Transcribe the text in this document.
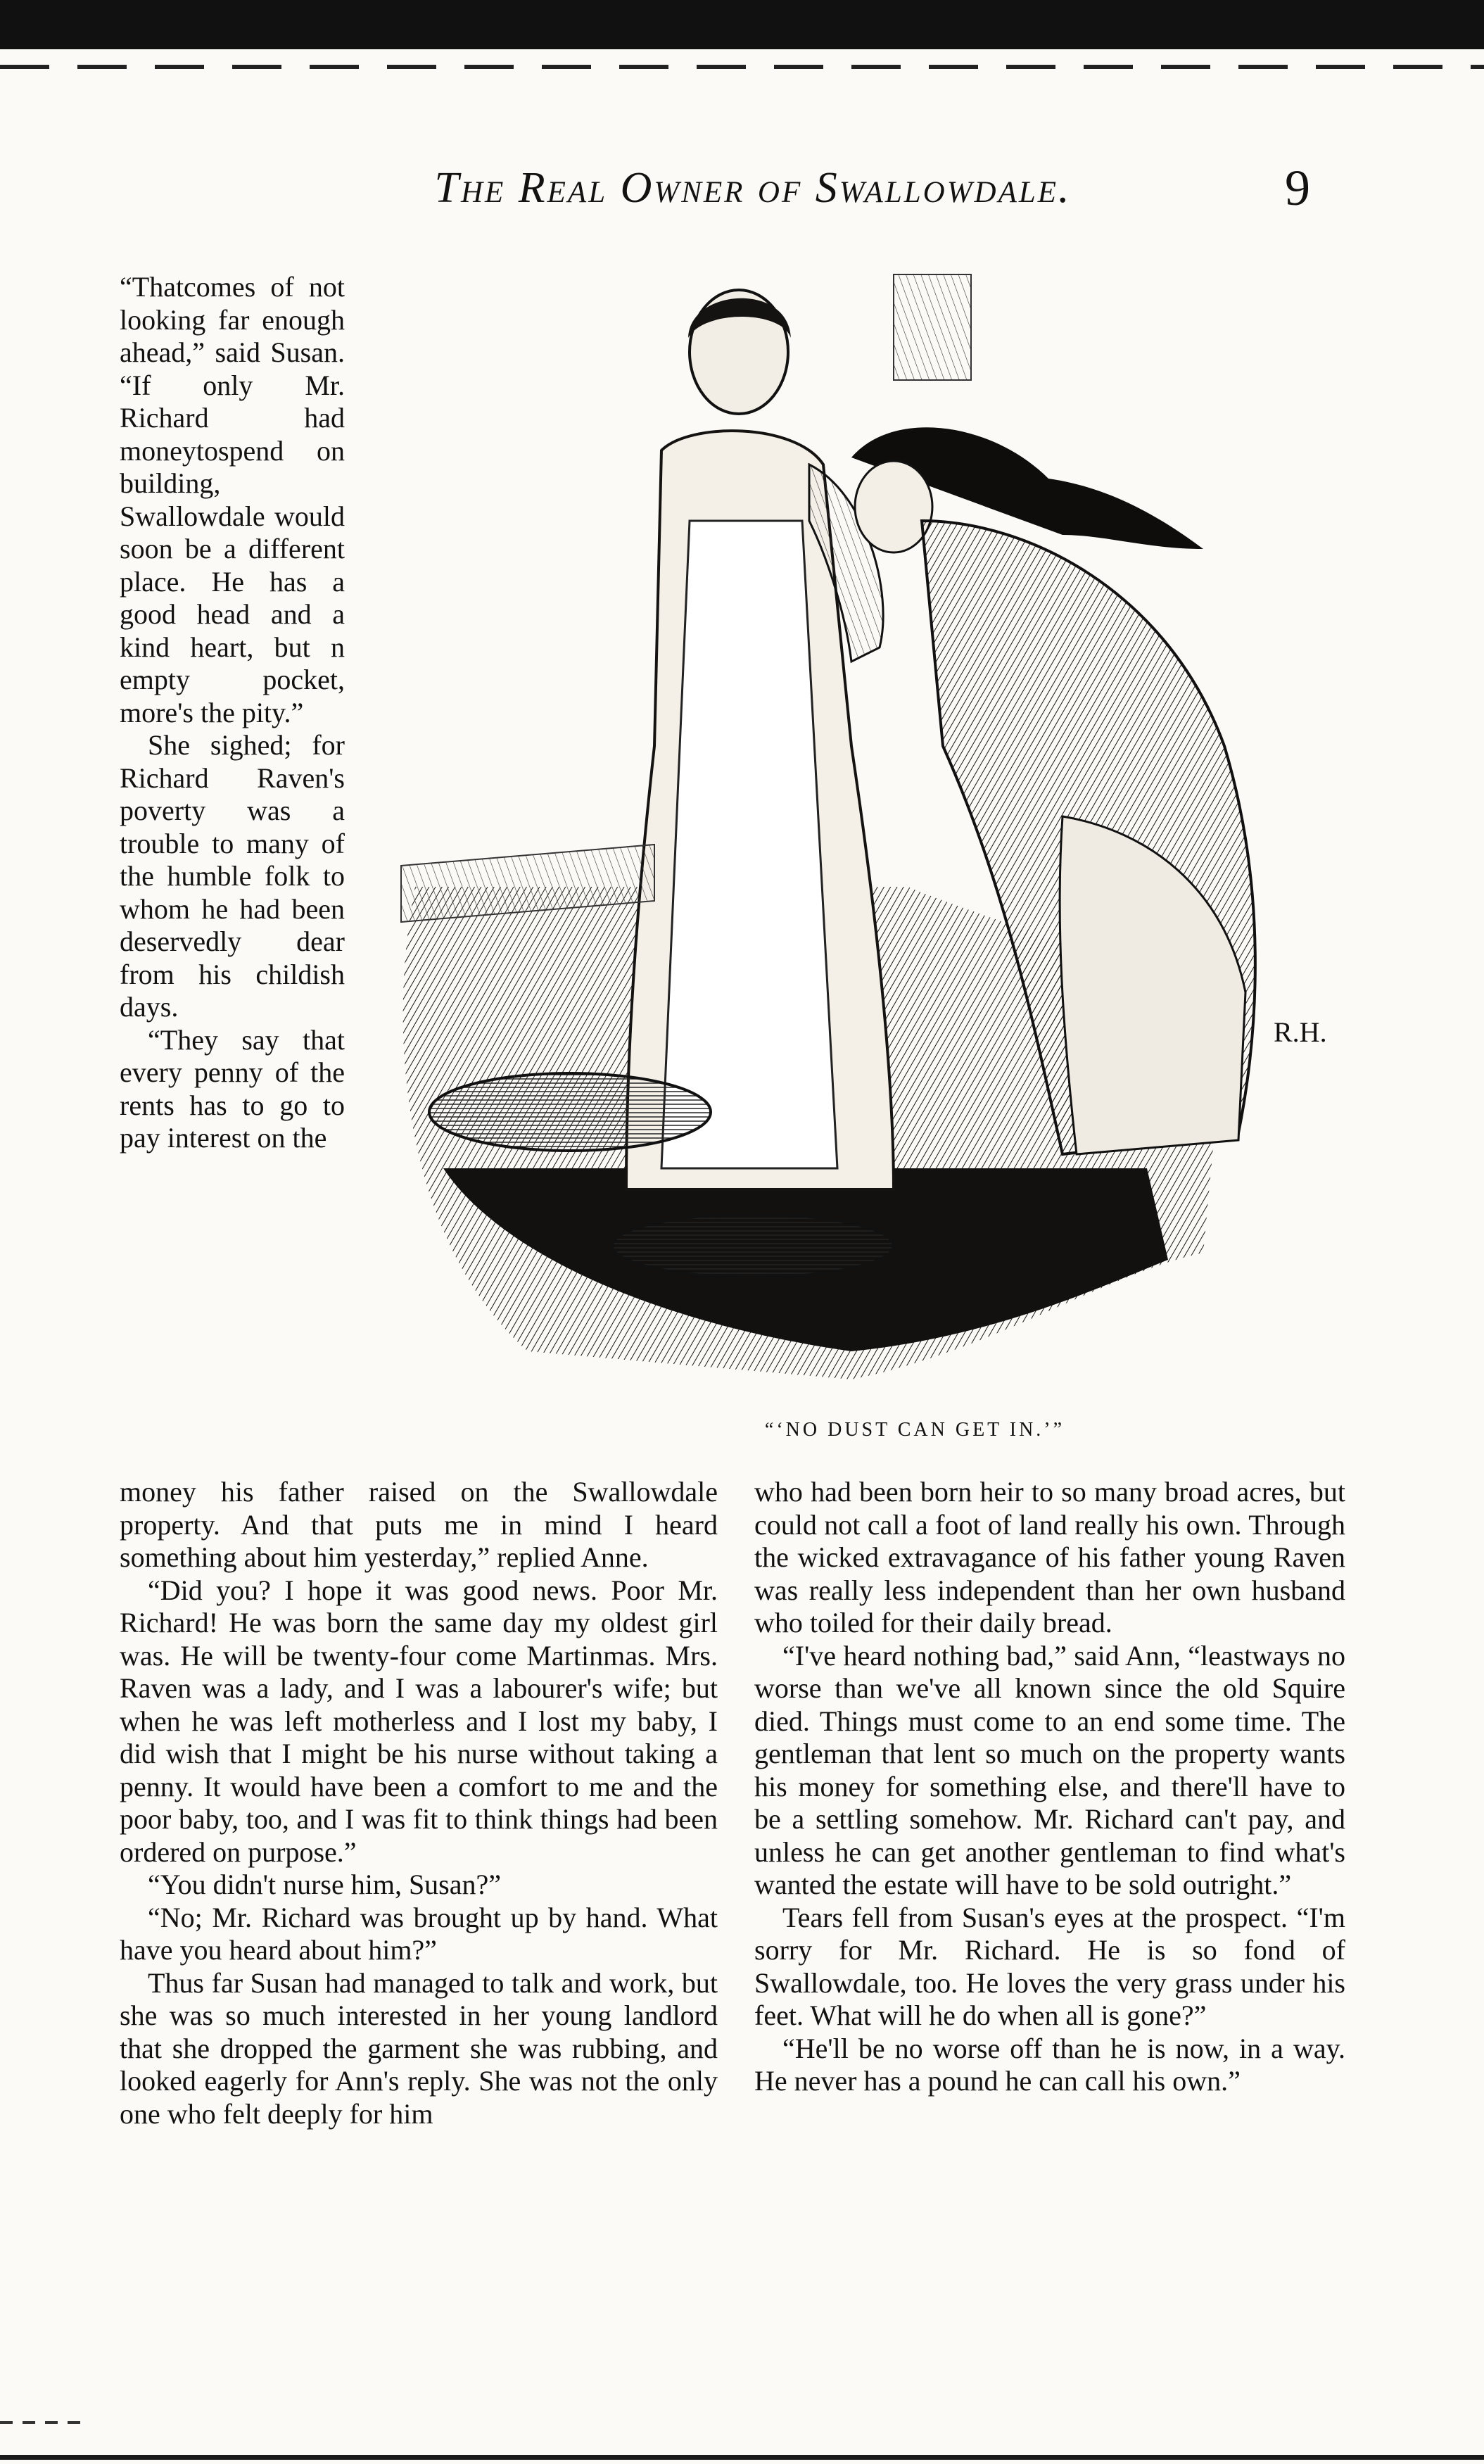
The Real Owner of Swallowdale.	9

“Thatcomes of not looking far enough ahead,” said Susan. “If only Mr. Richard had moneytospend on building, Swallowdale would soon be a different place. He has a good head and a kind heart, but n empty pocket, more's the pity.”

She sighed; for Richard Raven's poverty was a trouble to many of the humble folk to whom he had been deservedly dear from his childish days.

“They say that every penny of the rents has to go to pay interest on the

R.H.
“‘NO DUST CAN GET IN.’”

money his father raised on the Swallowdale property. And that puts me in mind I heard something about him yesterday,” replied Anne.

“Did you? I hope it was good news. Poor Mr. Richard! He was born the same day my oldest girl was. He will be twenty-four come Martinmas. Mrs. Raven was a lady, and I was a labourer's wife; but when he was left motherless and I lost my baby, I did wish that I might be his nurse without taking a penny. It would have been a comfort to me and the poor baby, too, and I was fit to think things had been ordered on purpose.”

“You didn't nurse him, Susan?”

“No; Mr. Richard was brought up by hand. What have you heard about him?”

Thus far Susan had managed to talk and work, but she was so much interested in her young landlord that she dropped the garment she was rubbing, and looked eagerly for Ann's reply. She was not the only one who felt deeply for him

who had been born heir to so many broad acres, but could not call a foot of land really his own. Through the wicked extravagance of his father young Raven was really less independent than her own husband who toiled for their daily bread.

“I've heard nothing bad,” said Ann, “leastways no worse than we've all known since the old Squire died. Things must come to an end some time. The gentleman that lent so much on the property wants his money for something else, and there'll have to be a settling somehow. Mr. Richard can't pay, and unless he can get another gentleman to find what's wanted the estate will have to be sold outright.”

Tears fell from Susan's eyes at the prospect. “I'm sorry for Mr. Richard. He is so fond of Swallowdale, too. He loves the very grass under his feet. What will he do when all is gone?”

“He'll be no worse off than he is now, in a way. He never has a pound he can call his own.”
